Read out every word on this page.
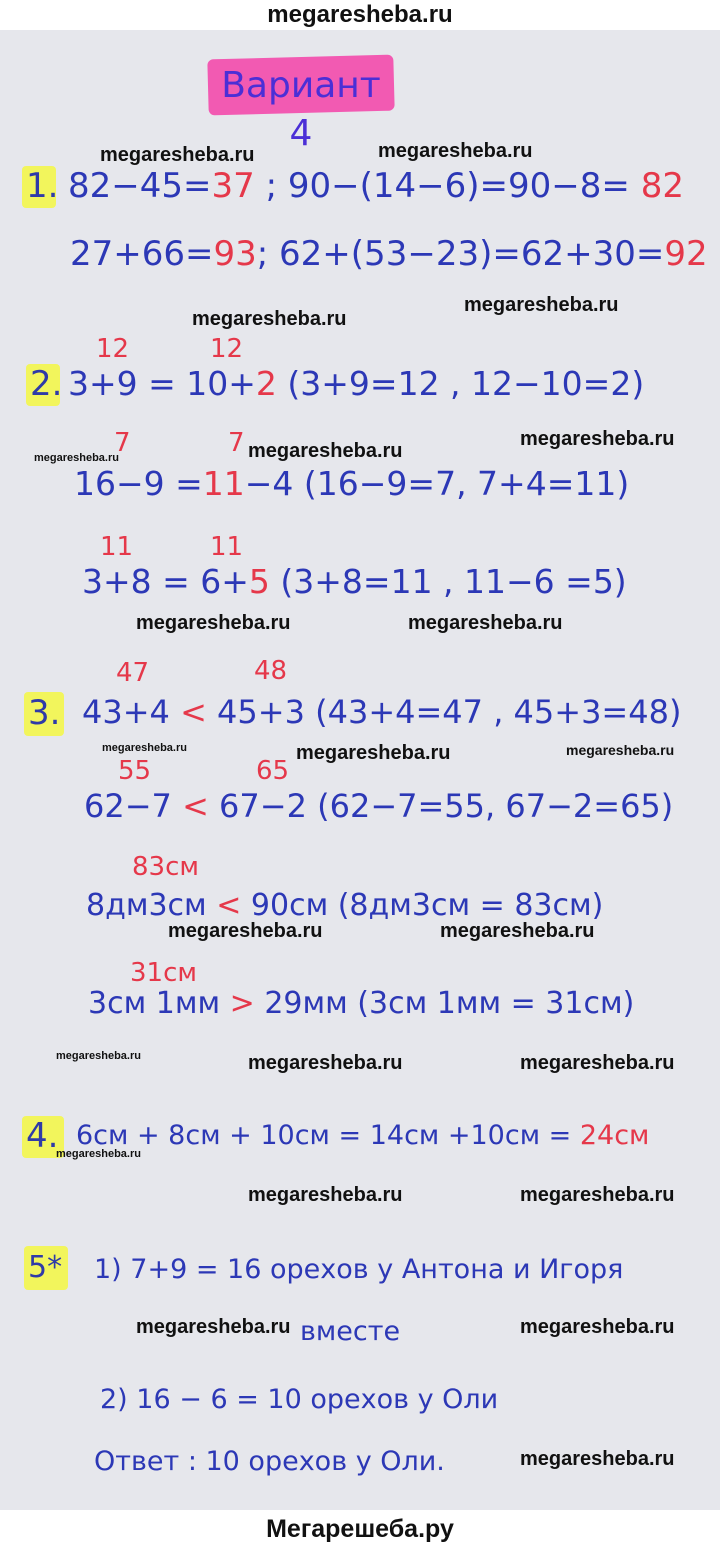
megaresheba.ru
Вариант 4
1. 82−45=37 ; 90−(14−6)=90−8= 82
27+66=93; 62+(53−23)=62+30=92
2.
12	12
3+9 = 10+2 (3+9=12 , 12−10=2)
7	7
16−9 =11−4 (16−9=7, 7+4=11)
11	11
3+8 = 6+5 (3+8=11 , 11−6 =5)
3.
47	48
43+4 < 45+3 (43+4=47 , 45+3=48)
55	65
62−7 < 67−2 (62−7=55, 67−2=65)
83см
8дм3см < 90см (8дм3см = 83см)
31см
3см 1мм > 29мм (3см 1мм = 31см)
4. 6см + 8см + 10см = 14см +10см = 24см
5* 1) 7+9 = 16 орехов у Антона и Игоря
вместе
2) 16 − 6 = 10 орехов у Оли
Ответ : 10 орехов у Оли.
megaresheba.ru
megaresheba.ru
megaresheba.ru
megaresheba.ru
megaresheba.ru
megaresheba.ru
megaresheba.ru
megaresheba.ru	megaresheba.ru
megaresheba.ru	megaresheba.ru	megaresheba.ru
megaresheba.ru	megaresheba.ru
megaresheba.ru	megaresheba.ru	megaresheba.ru
megaresheba.ru
megaresheba.ru	megaresheba.ru
megaresheba.ru	megaresheba.ru
megaresheba.ru
Мегарешеба.ру
